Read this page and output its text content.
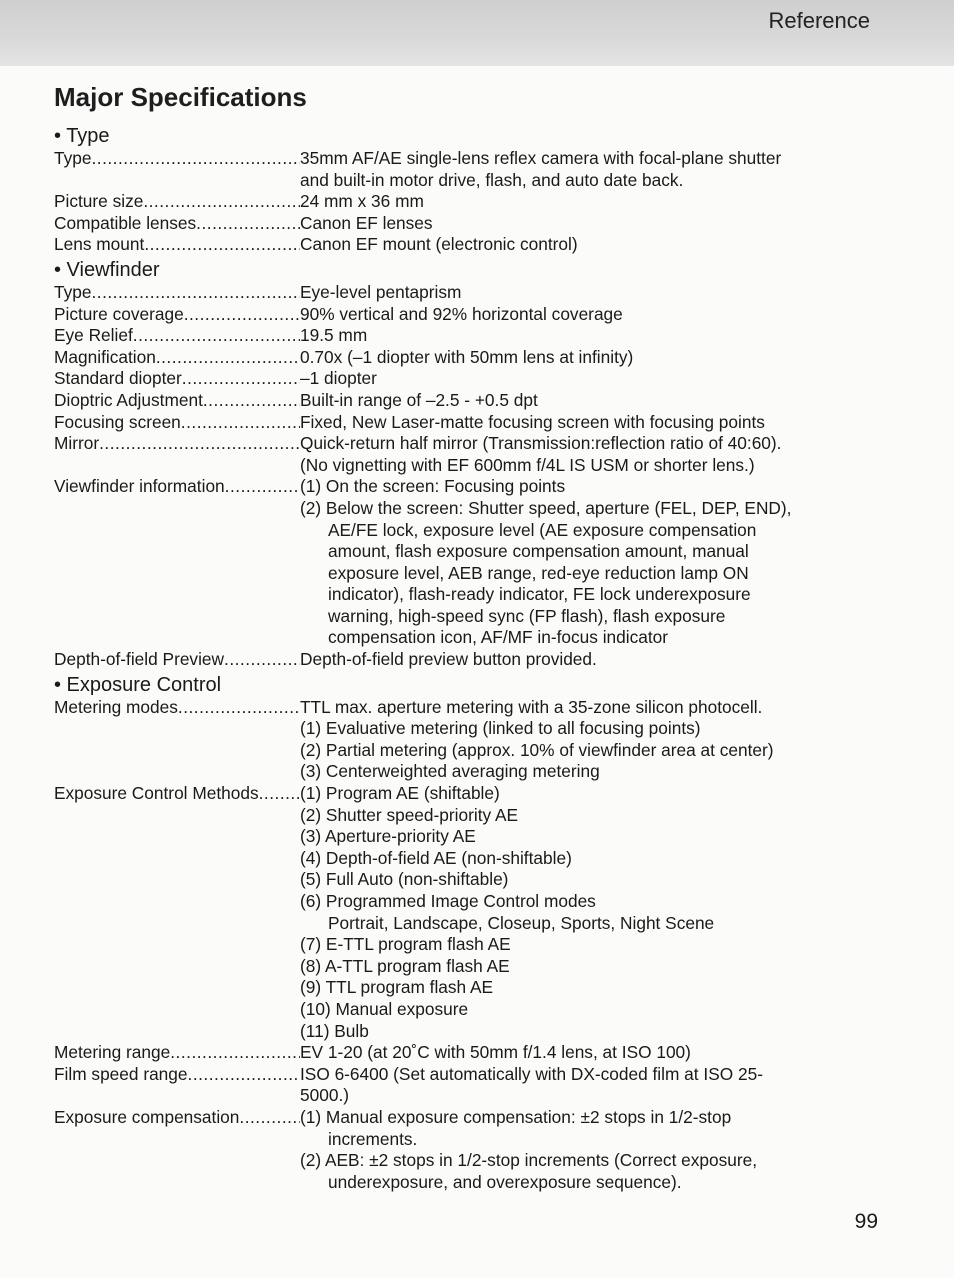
Reference
Major Specifications
• Type
Type .....	35mm AF/AE single-lens reflex camera with focal-plane shutter
and built-in motor drive, flash, and auto date back.
Picture size .....	24 mm x 36 mm
Compatible lenses .....	Canon EF lenses
Lens mount .....	Canon EF mount (electronic control)
• Viewfinder
Type .....	Eye-level pentaprism
Picture coverage .....	90% vertical and 92% horizontal coverage
Eye Relief .....	19.5 mm
Magnification .....	0.70x (–1 diopter with 50mm lens at infinity)
Standard diopter .....	–1 diopter
Dioptric Adjustment .....	Built-in range of –2.5 - +0.5 dpt
Focusing screen .....	Fixed, New Laser-matte focusing screen with focusing points
Mirror .....	Quick-return half mirror (Transmission:reflection ratio of 40:60).
(No vignetting with EF 600mm f/4L IS USM or shorter lens.)
Viewfinder information .....	(1) On the screen: Focusing points
(2) Below the screen: Shutter speed, aperture (FEL, DEP, END),
AE/FE lock, exposure level (AE exposure compensation
amount, flash exposure compensation amount, manual
exposure level, AEB range, red-eye reduction lamp ON
indicator), flash-ready indicator, FE lock underexposure
warning, high-speed sync (FP flash), flash exposure
compensation icon, AF/MF in-focus indicator
Depth-of-field Preview .....	Depth-of-field preview button provided.
• Exposure Control
Metering modes .....	TTL max. aperture metering with a 35-zone silicon photocell.
(1) Evaluative metering (linked to all focusing points)
(2) Partial metering (approx. 10% of viewfinder area at center)
(3) Centerweighted averaging metering
Exposure Control Methods ..... (1) Program AE (shiftable)
(2) Shutter speed-priority AE
(3) Aperture-priority AE
(4) Depth-of-field AE (non-shiftable)
(5) Full Auto (non-shiftable)
(6) Programmed Image Control modes
Portrait, Landscape, Closeup, Sports, Night Scene
(7) E-TTL program flash AE
(8) A-TTL program flash AE
(9) TTL program flash AE
(10) Manual exposure
(11) Bulb
Metering range .....	EV 1-20 (at 20˚C with 50mm f/1.4 lens, at ISO 100)
Film speed range .....	ISO 6-6400 (Set automatically with DX-coded film at ISO 25-
5000.)
Exposure compensation .....	(1) Manual exposure compensation: ±2 stops in 1/2-stop
increments.
(2) AEB: ±2 stops in 1/2-stop increments (Correct exposure,
underexposure, and overexposure sequence).
99
